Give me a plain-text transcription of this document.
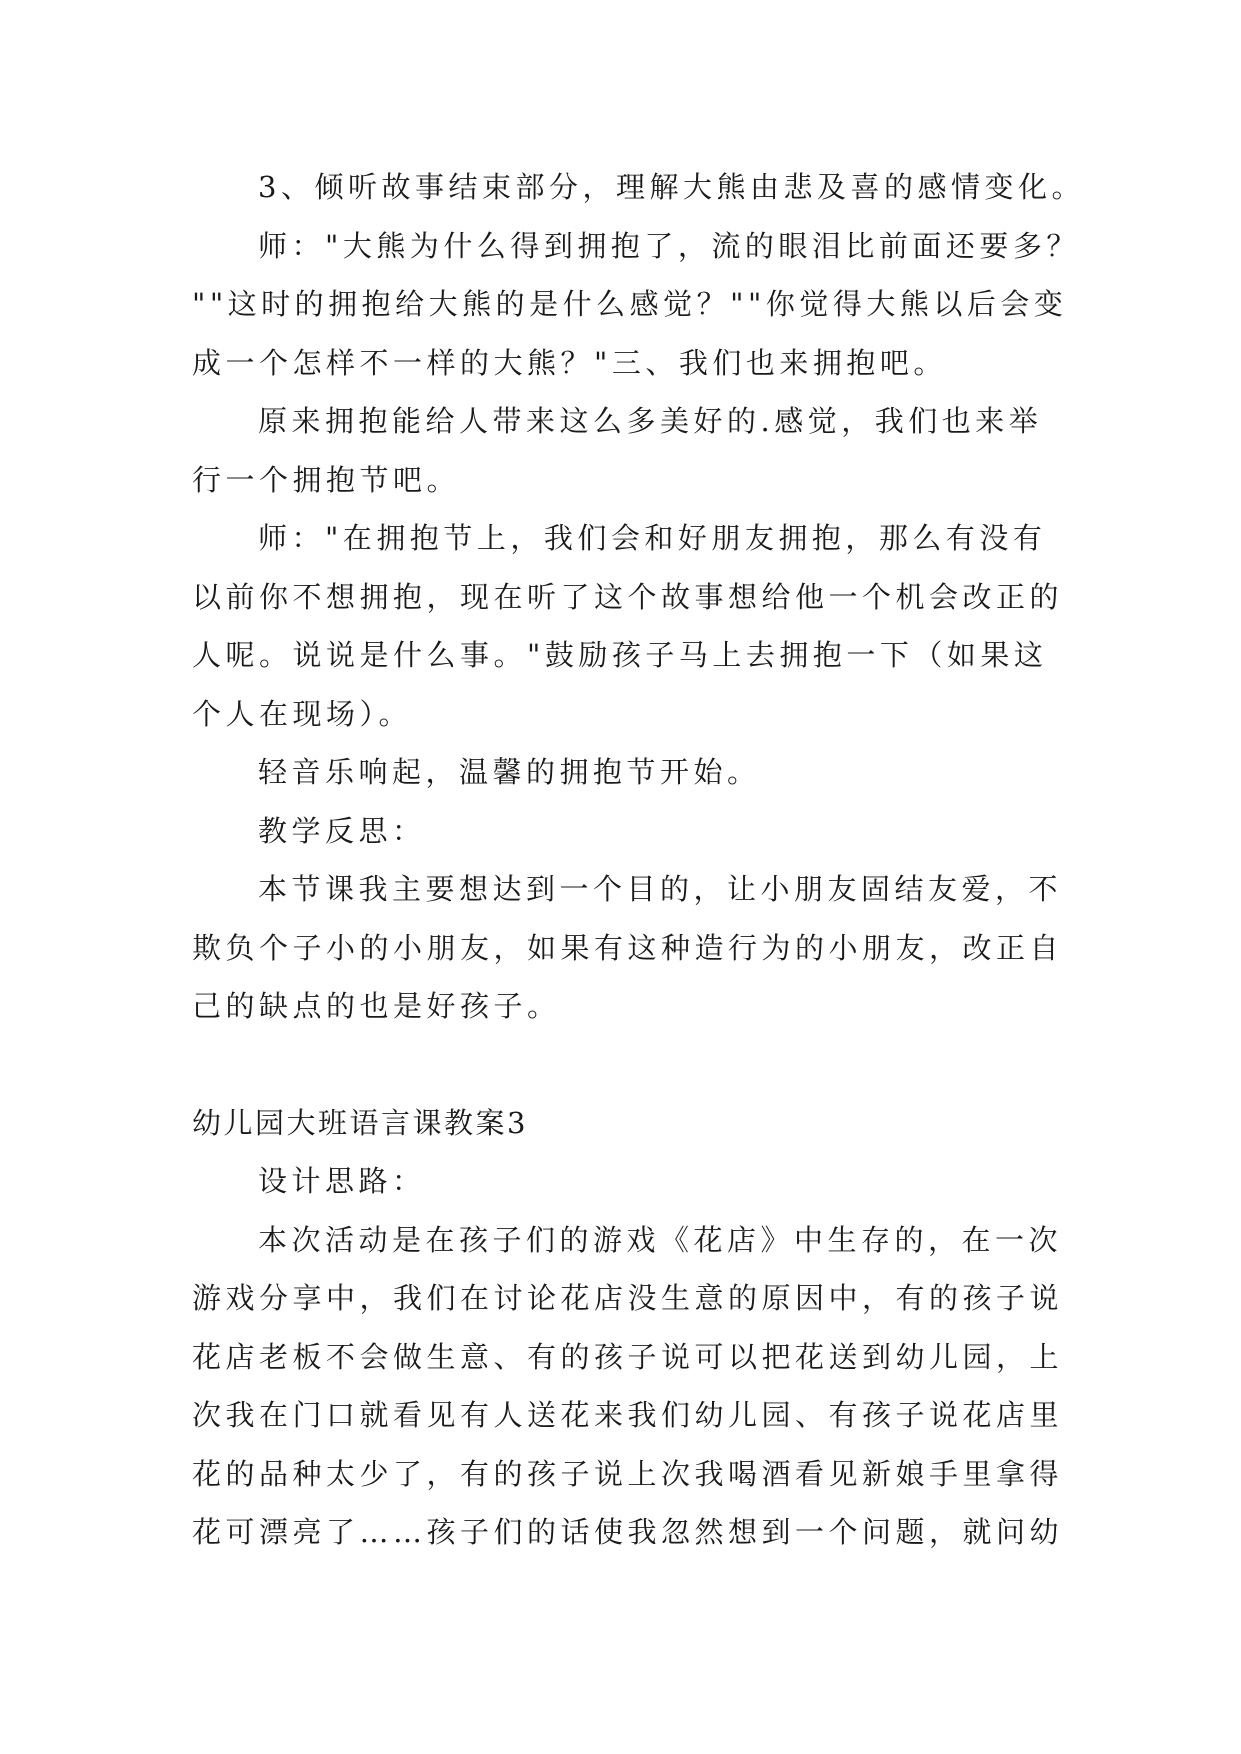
3、倾听故事结束部分，理解大熊由悲及喜的感情变化。
师："大熊为什么得到拥抱了，流的眼泪比前面还要多？
""这时的拥抱给大熊的是什么感觉？""你觉得大熊以后会变
成一个怎样不一样的大熊？"三、我们也来拥抱吧。
原来拥抱能给人带来这么多美好的.感觉，我们也来举
行一个拥抱节吧。
师："在拥抱节上，我们会和好朋友拥抱，那么有没有
以前你不想拥抱，现在听了这个故事想给他一个机会改正的
人呢。说说是什么事。"鼓励孩子马上去拥抱一下（如果这
个人在现场）。
轻音乐响起，温馨的拥抱节开始。
教学反思：
本节课我主要想达到一个目的，让小朋友固结友爱，不
欺负个子小的小朋友，如果有这种造行为的小朋友，改正自
己的缺点的也是好孩子。
幼儿园大班语言课教案3
设计思路：
本次活动是在孩子们的游戏《花店》中生存的，在一次
游戏分享中，我们在讨论花店没生意的原因中，有的孩子说
花店老板不会做生意、有的孩子说可以把花送到幼儿园，上
次我在门口就看见有人送花来我们幼儿园、有孩子说花店里
花的品种太少了，有的孩子说上次我喝酒看见新娘手里拿得
花可漂亮了……孩子们的话使我忽然想到一个问题，就问幼
